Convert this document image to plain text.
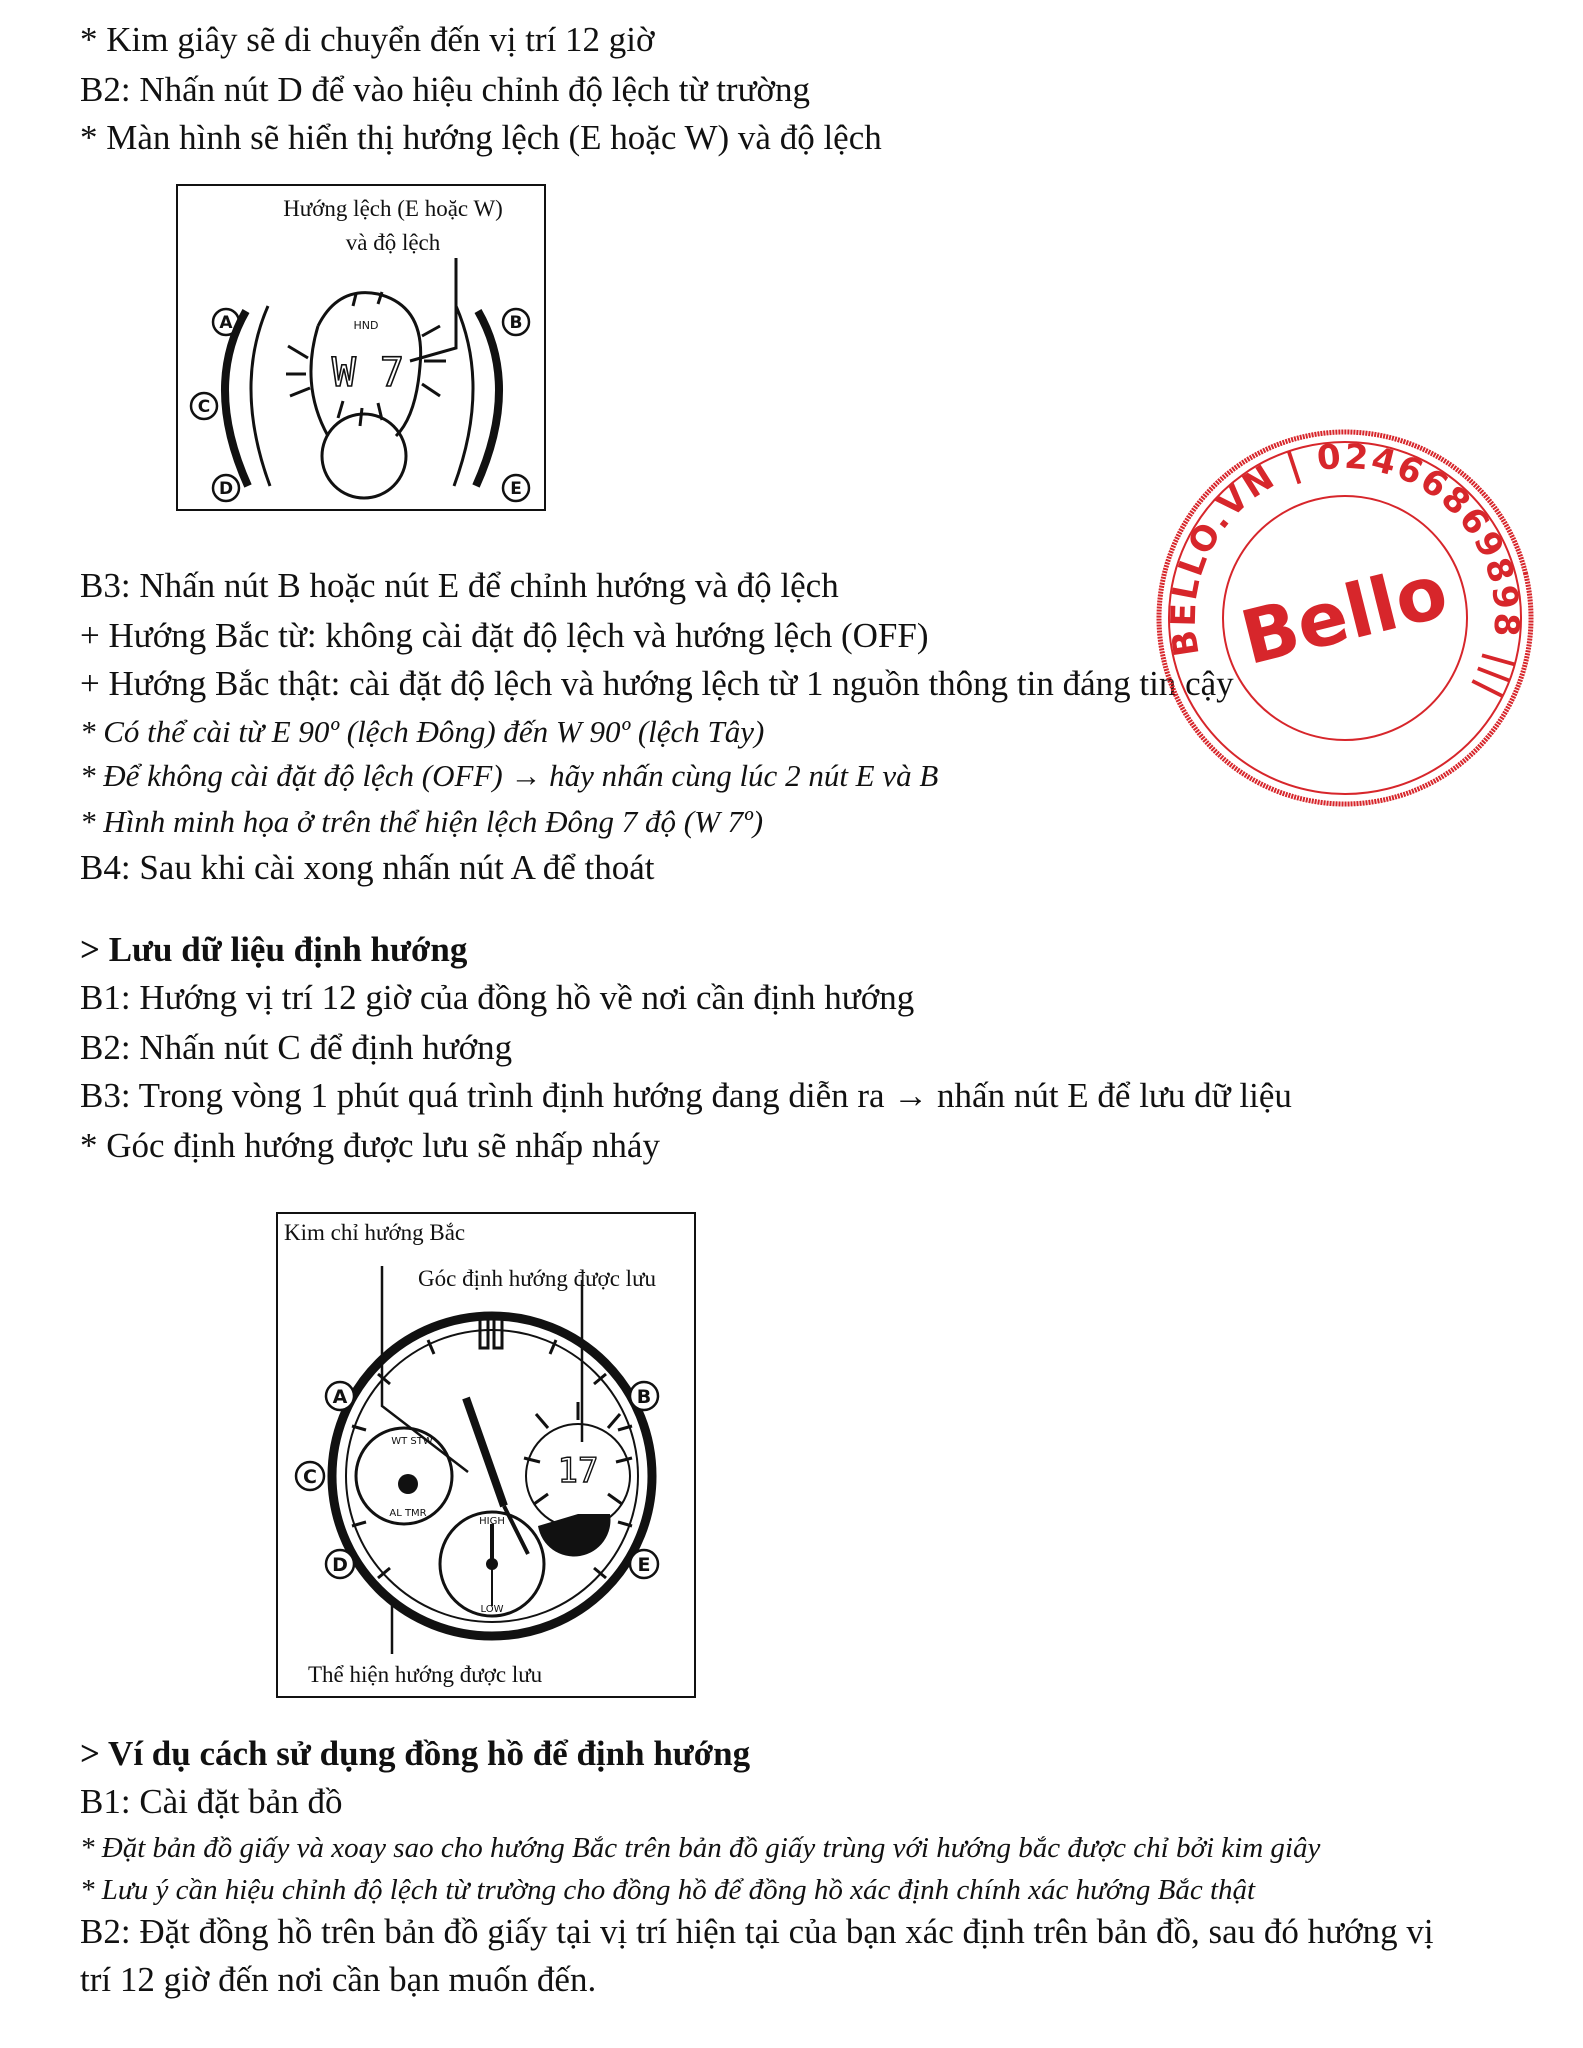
* Kim giây sẽ di chuyển đến vị trí 12 giờ
B2: Nhấn nút D để vào hiệu chỉnh độ lệch từ trường
* Màn hình sẽ hiển thị hướng lệch (E hoặc W) và độ lệch
Hướng lệch (E hoặc W)
và độ lệch
HND
W 7
A
C
D
B
E
B3: Nhấn nút B hoặc nút E để chỉnh hướng và độ lệch
+ Hướng Bắc từ: không cài đặt độ lệch và hướng lệch (OFF)
+ Hướng Bắc thật: cài đặt độ lệch và hướng lệch từ 1 nguồn thông tin đáng tin cậy
* Có thể cài từ E 90º (lệch Đông) đến W 90º (lệch Tây)
* Để không cài đặt độ lệch (OFF) → hãy nhấn cùng lúc 2 nút E và B
* Hình minh họa ở trên thể hiện lệch Đông 7 độ (W 7º)
B4: Sau khi cài xong nhấn nút A để thoát
> Lưu dữ liệu định hướng
B1: Hướng vị trí 12 giờ của đồng hồ về nơi cần định hướng
B2: Nhấn nút C để định hướng
B3: Trong vòng 1 phút quá trình định hướng đang diễn ra → nhấn nút E để lưu dữ liệu
* Góc định hướng được lưu sẽ nhấp nháy
Kim chỉ hướng Bắc
Góc định hướng được lưu
Thể hiện hướng được lưu
17
HIGH
LOW
WT STW
AL TMR
A
C
D
B
E
> Ví dụ cách sử dụng đồng hồ để định hướng
B1: Cài đặt bản đồ
* Đặt bản đồ giấy và xoay sao cho hướng Bắc trên bản đồ giấy trùng với hướng bắc được chỉ bởi kim giây
* Lưu ý cần hiệu chỉnh độ lệch từ trường cho đồng hồ để đồng hồ xác định chính xác hướng Bắc thật
B2: Đặt đồng hồ trên bản đồ giấy tại vị trí hiện tại của bạn xác định trên bản đồ, sau đó hướng vị
trí 12 giờ đến nơi cần bạn muốn đến.
BELLO.VN | 02466869898 |||
Bello
